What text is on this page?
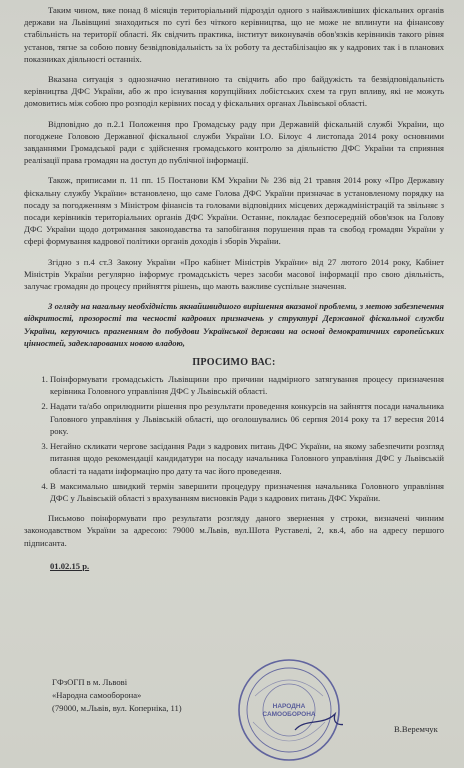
Таким чином, вже понад 8 місяців територіальний підрозділ одного з найважливіших фіскальних органів держави на Львівщині знаходиться по суті без чіткого керівництва, що не може не вплинути на фінансову стабільність на території області. Як свідчить практика, інститут виконувачів обов'язків керівників такого рівня установ, тягне за собою повну безвідповідальність за їх роботу та дестабілізацію як у кадрових так і в планових показниках діяльності останніх.

Вказана ситуація з однозначно негативною та свідчить або про байдужість та безвідповідальність керівництва ДФС України, або ж про існування корупційних лобістських схем та груп впливу, які не можуть домовитись між собою про розподіл керівних посад у фіскальних органах Львівської області.

Відповідно до п.2.1 Положення про Громадську раду при Державній фіскальній службі України, що погоджене Головою Державної фіскальної служби України І.О. Білоус 4 листопада 2014 року основними завданнями Громадської ради є здійснення громадського контролю за діяльністю ДФС України та сприяння реалізації права громадян на доступ до публічної інформації.

Також, приписами п. 11 пп. 15 Постанови КМ України № 236 від 21 травня 2014 року «Про Державну фіскальну службу України» встановлено, що саме Голова ДФС України призначає в установленому порядку на посаду за погодженням з Міністром фінансів та головами відповідних місцевих держадміністрацій та звільняє з посади керівників територіальних органів ДФС України. Останнє, покладає безпосередній обов'язок на Голову ДФС України щодо дотримання законодавства та запобігання порушення прав та свобод громадян України у сфері формування кадрової політики органів доходів і зборів України.

Згідно з п.4 ст.3 Закону України «Про кабінет Міністрів України» від 27 лютого 2014 року, Кабінет Міністрів України регулярно інформує громадськість через засоби масової інформації про свою діяльність, залучає громадян до процесу прийняття рішень, що мають важливе суспільне значення.

З огляду на нагальну необхідність якнайшвидшого вирішення вказаної проблеми, з метою забезпечення відкритості, прозорості та чесності кадрових призначень у структурі Державної фіскальної служби України, керуючись прагненням до побудови Української держави на основі демократичних європейських цінностей, задекларованих новою владою,

ПРОСИМО ВАС:
1. Поінформувати громадськість Львівщини про причини надмірного затягування процесу призначення керівника Головного управління ДФС у Львівській області.
2. Надати та/або оприлюднити рішення про результати проведення конкурсів на зайняття посади начальника Головного управління у Львівській області, що оголошувались 06 серпня 2014 року та 17 вересня 2014 року.
3. Негайно скликати чергове засідання Ради з кадрових питань ДФС України, на якому забезпечити розгляд питання щодо рекомендації кандидатури на посаду начальника Головного управління ДФС у Львівській області та надати інформацію про дату та час його проведення.
4. В максимально швидкий термін завершити процедуру призначення начальника Головного управління ДФС у Львівській області з врахуванням висновків Ради з кадрових питань ДФС України.

Письмово поінформувати про результати розгляду даного звернення у строки, визначені чинним законодавством України за адресою: 79000 м.Львів, вул.Шота Руставелі, 2, кв.4, або на адресу першого підписанта.

01.02.15 р.
ГФзОГП в м. Львові
«Народна самооборона»
(79000, м.Львів, вул. Коперніка, 11)	НАРОДНА
САМООБОРОНА
В.Веремчук
